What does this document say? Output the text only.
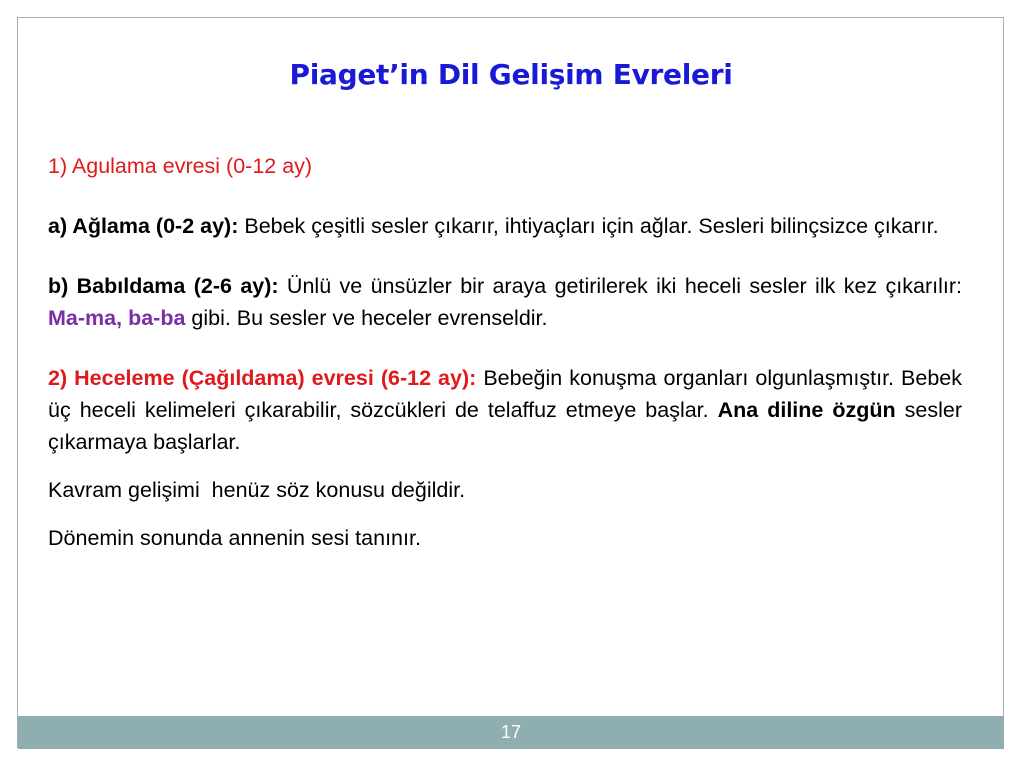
Piaget’in Dil Gelişim Evreleri

1) Agulama evresi (0-12 ay)

a) Ağlama (0-2 ay): Bebek çeşitli sesler çıkarır, ihtiyaçları için ağlar. Sesleri bilinçsizce çıkarır.

b) Babıldama (2-6 ay): Ünlü ve ünsüzler bir araya getirilerek iki heceli sesler ilk kez çıkarılır: Ma-ma, ba-ba gibi. Bu sesler ve heceler evrenseldir.

2) Heceleme (Çağıldama) evresi (6-12 ay): Bebeğin konuşma organları olgunlaşmıştır. Bebek üç heceli kelimeleri çıkarabilir, sözcükleri de telaffuz etmeye başlar. Ana diline özgün sesler çıkarmaya başlarlar.

Kavram gelişimi  henüz söz konusu değildir.

Dönemin sonunda annenin sesi tanınır.

17
